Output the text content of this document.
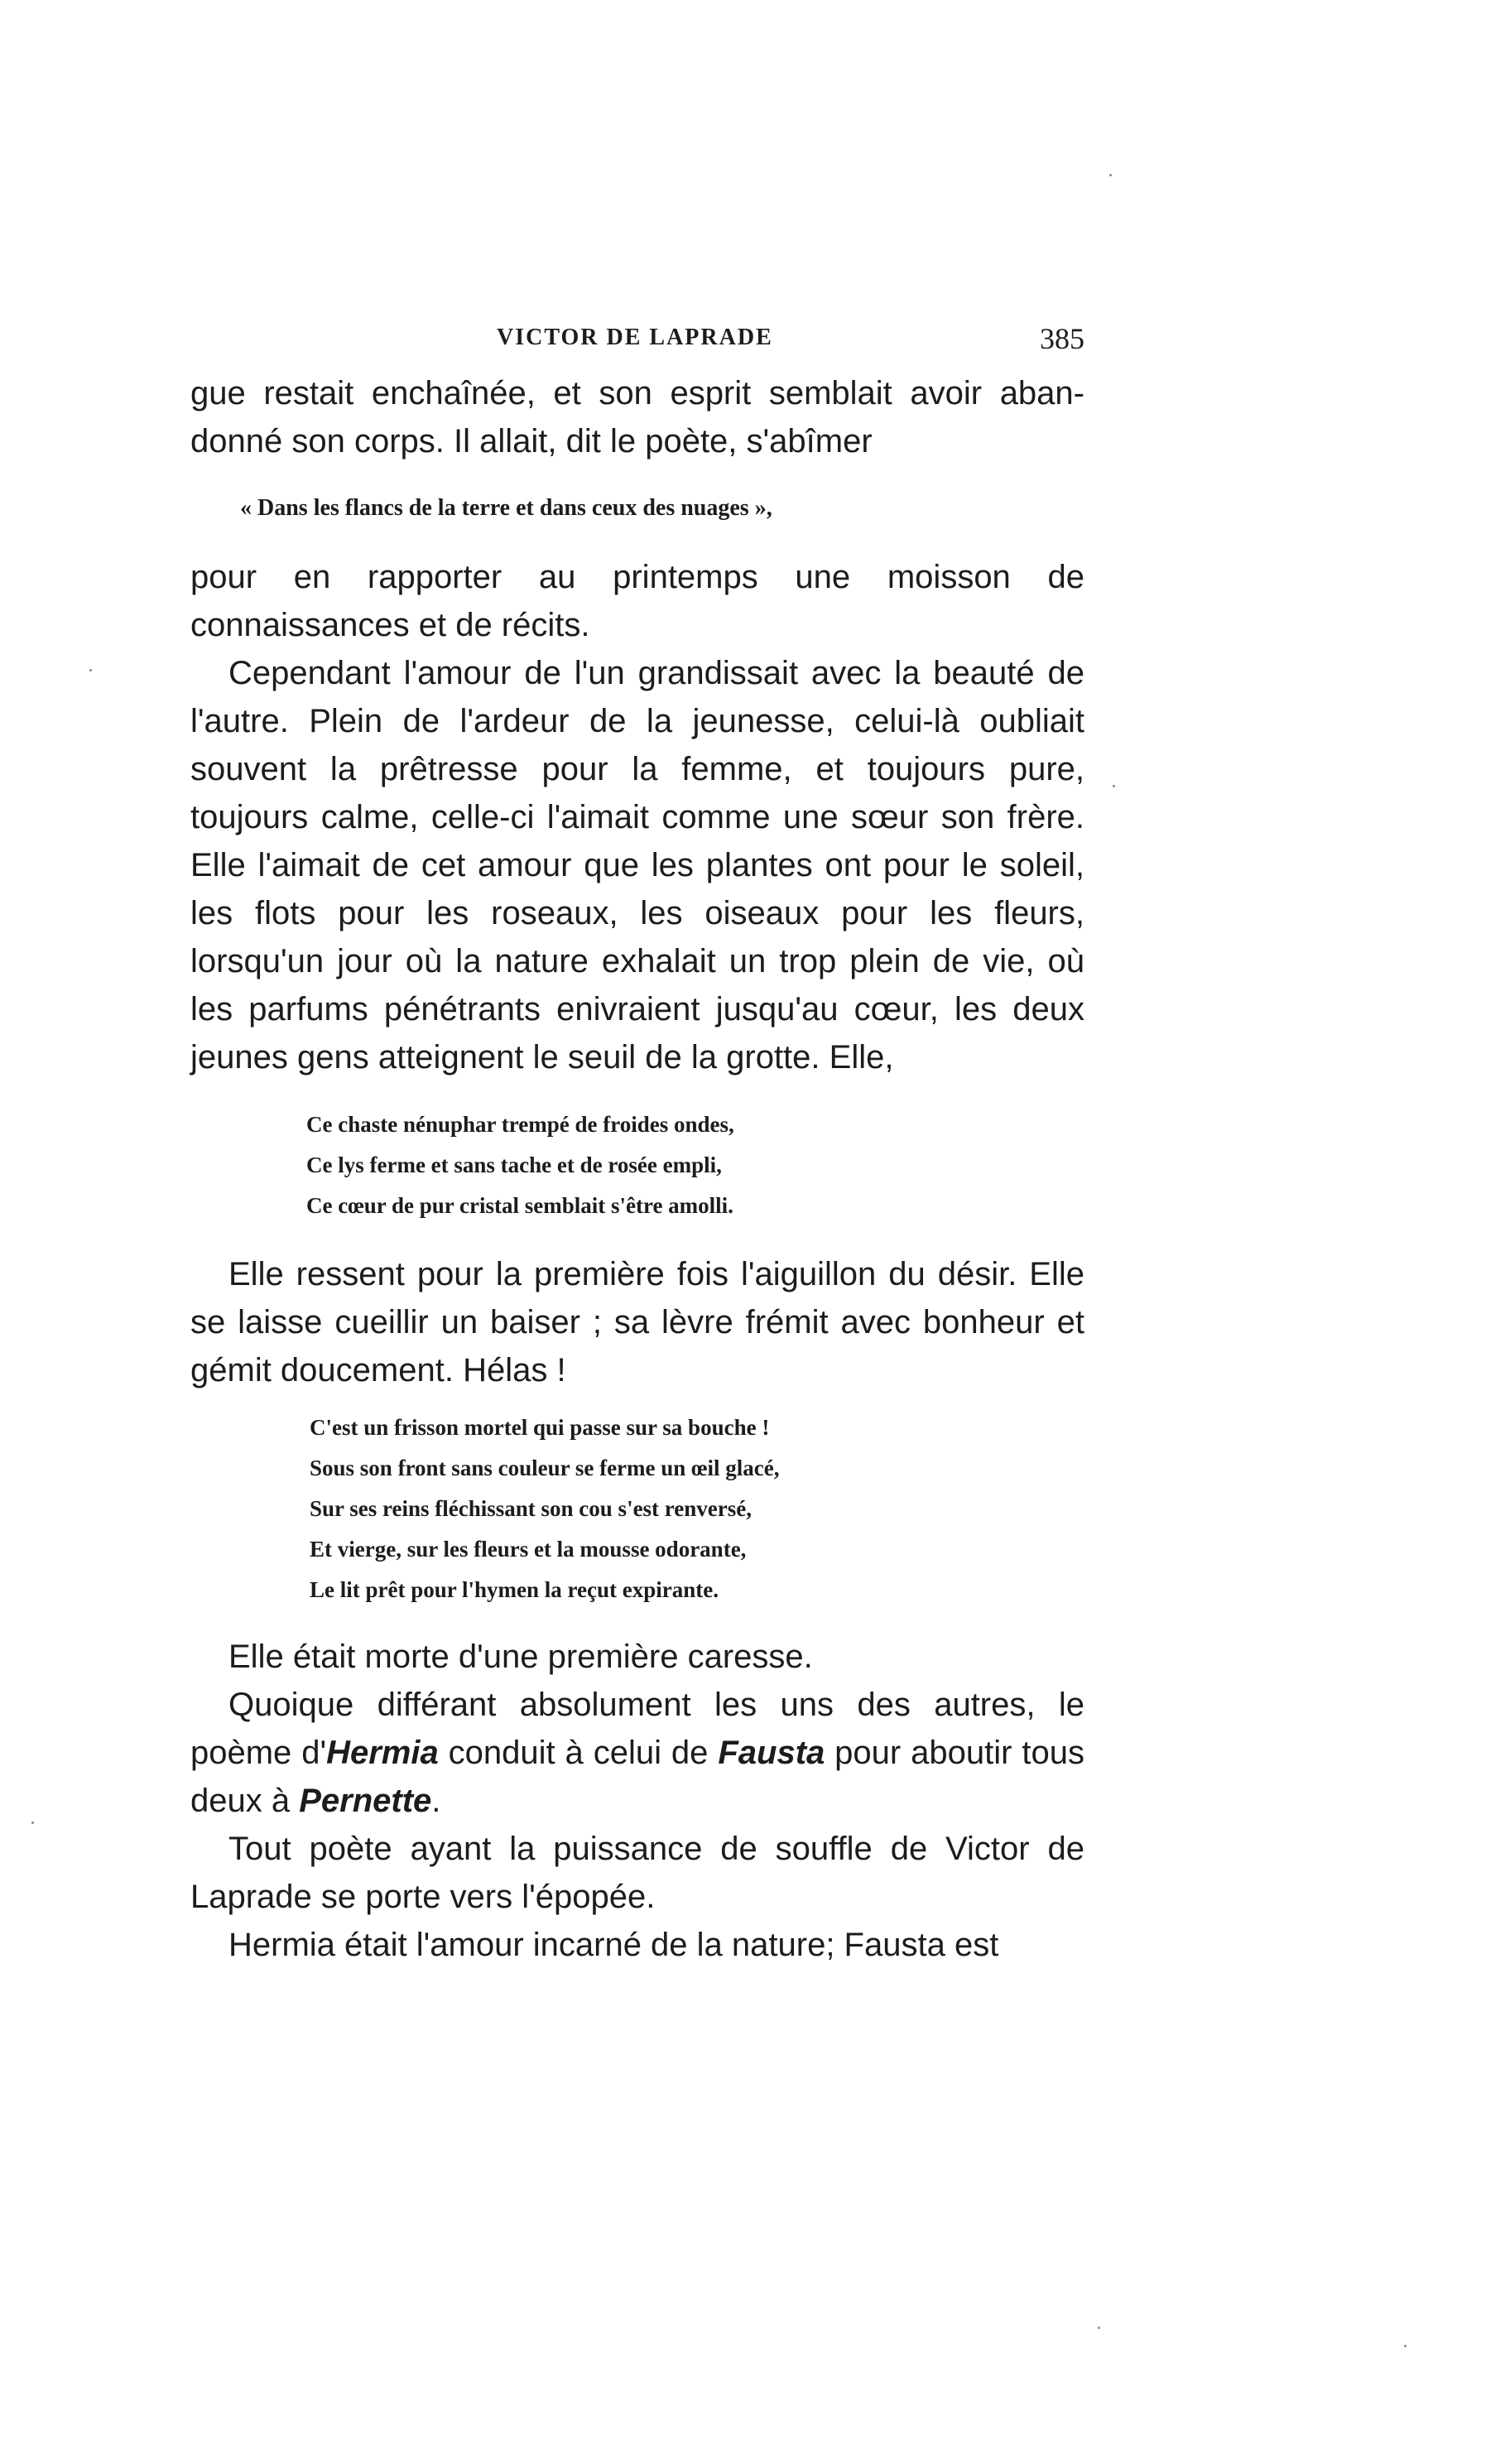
VICTOR DE LAPRADE	385

gue restait enchaînée, et son esprit semblait avoir aban-

donné son corps. Il allait, dit le poète, s'abîmer

« Dans les flancs de la terre et dans ceux des nuages »,

pour en rapporter au printemps une moisson de connaissances et de récits.

Cependant l'amour de l'un grandissait avec la beauté de l'autre. Plein de l'ardeur de la jeunesse, celui-là oubliait souvent la prêtresse pour la femme, et toujours pure, toujours calme, celle-ci l'aimait comme une sœur son frère. Elle l'aimait de cet amour que les plantes ont pour le soleil, les flots pour les roseaux, les oiseaux pour les fleurs, lorsqu'un jour où la nature exhalait un trop plein de vie, où les parfums pénétrants enivraient jusqu'au cœur, les deux jeunes gens atteignent le seuil de la grotte. Elle,

Ce chaste nénuphar trempé de froides ondes,
Ce lys ferme et sans tache et de rosée empli,
Ce cœur de pur cristal semblait s'être amolli.

Elle ressent pour la première fois l'aiguillon du désir. Elle se laisse cueillir un baiser ; sa lèvre frémit avec bonheur et gémit doucement. Hélas !

C'est un frisson mortel qui passe sur sa bouche !
Sous son front sans couleur se ferme un œil glacé,
Sur ses reins fléchissant son cou s'est renversé,
Et vierge, sur les fleurs et la mousse odorante,
Le lit prêt pour l'hymen la reçut expirante.

Elle était morte d'une première caresse.

Quoique différant absolument les uns des autres, le poème d'Hermia conduit à celui de Fausta pour aboutir tous deux à Pernette.

Tout poète ayant la puissance de souffle de Victor de Laprade se porte vers l'épopée.

Hermia était l'amour incarné de la nature; Fausta est
